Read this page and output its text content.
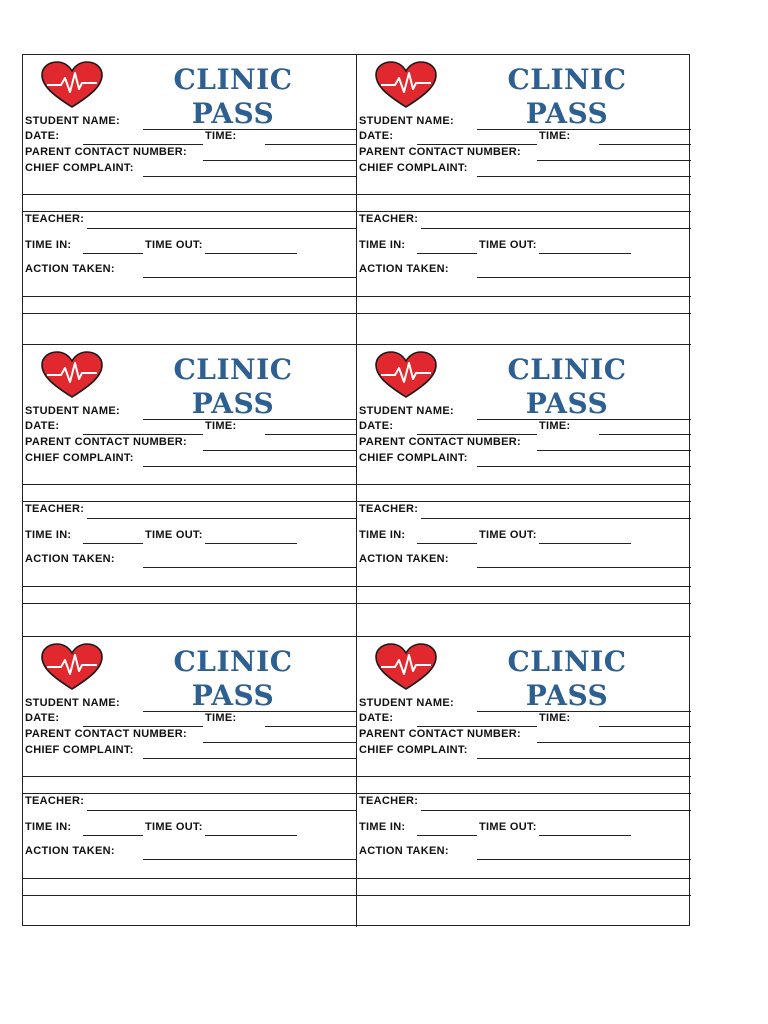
CLINIC
PASS
STUDENT NAME:
DATE:	TIME:
PARENT CONTACT NUMBER:
CHIEF COMPLAINT:
TEACHER:
TIME IN:	TIME OUT:
ACTION TAKEN:
CLINIC
PASS
STUDENT NAME:
DATE:	TIME:
PARENT CONTACT NUMBER:
CHIEF COMPLAINT:
TEACHER:
TIME IN:	TIME OUT:
ACTION TAKEN:
CLINIC
PASS
STUDENT NAME:
DATE:	TIME:
PARENT CONTACT NUMBER:
CHIEF COMPLAINT:
TEACHER:
TIME IN:	TIME OUT:
ACTION TAKEN:
CLINIC
PASS
STUDENT NAME:
DATE:	TIME:
PARENT CONTACT NUMBER:
CHIEF COMPLAINT:
TEACHER:
TIME IN:	TIME OUT:
ACTION TAKEN:
CLINIC
PASS
STUDENT NAME:
DATE:	TIME:
PARENT CONTACT NUMBER:
CHIEF COMPLAINT:
TEACHER:
TIME IN:	TIME OUT:
ACTION TAKEN:
CLINIC
PASS
STUDENT NAME:
DATE:	TIME:
PARENT CONTACT NUMBER:
CHIEF COMPLAINT:
TEACHER:
TIME IN:	TIME OUT:
ACTION TAKEN:
